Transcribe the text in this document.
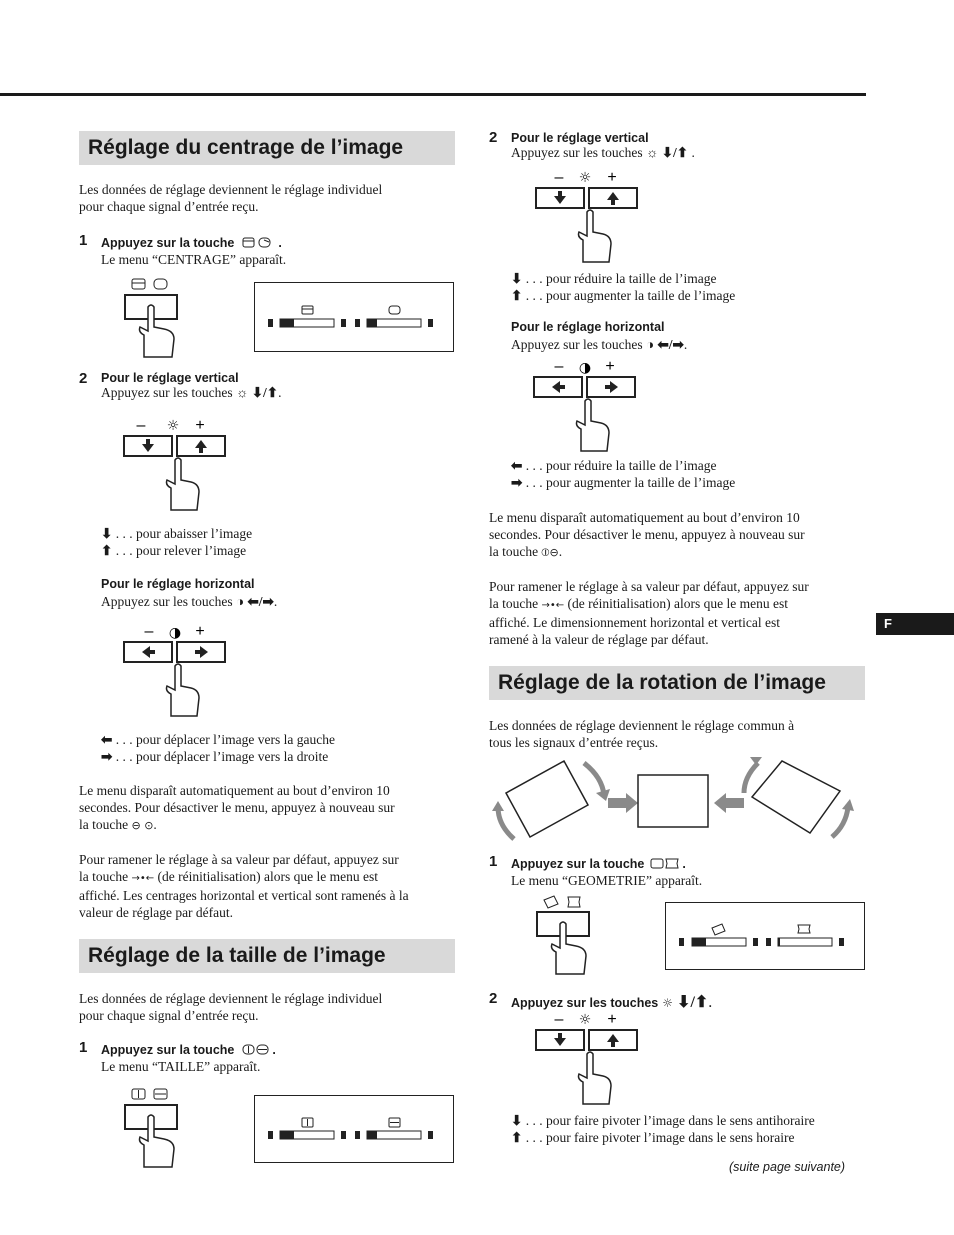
Réglage du centrage de l’image
Les données de réglage deviennent le réglage individuel
pour chaque signal d’entrée reçu.
1 Appuyez sur la touche	.
Le menu “CENTRAGE” apparaît.
2 Pour le réglage vertical
Appuyez sur les touches ☼ ⬇/⬆.
– ☼ +
⬇ . . . pour abaisser l’image
⬆ . . . pour relever l’image
Pour le réglage horizontal
Appuyez sur les touches ◑ ⬅/➡.
– ◑ +
⬅ . . . pour déplacer l’image vers la gauche
➡ . . . pour déplacer l’image vers la droite
Le menu disparaît automatiquement au bout d’environ 10
secondes. Pour désactiver le menu, appuyez à nouveau sur
la touche ⊖ ⊙.
Pour ramener le réglage à sa valeur par défaut, appuyez sur
la touche →•← (de réinitialisation) alors que le menu est
affiché. Les centrages horizontal et vertical sont ramenés à la
valeur de réglage par défaut.
Réglage de la taille de l’image
Les données de réglage deviennent le réglage individuel
pour chaque signal d’entrée reçu.
1 Appuyez sur la touche	.
Le menu “TAILLE” apparaît.
2 Pour le réglage vertical
Appuyez sur les touches ☼ ⬇/⬆ .
– ☼ +
⬇ . . . pour réduire la taille de l’image
⬆ . . . pour augmenter la taille de l’image
Pour le réglage horizontal
Appuyez sur les touches ◑ ⬅/➡.
– ◑ +
⬅ . . . pour réduire la taille de l’image
➡ . . . pour augmenter la taille de l’image
Le menu disparaît automatiquement au bout d’environ 10
secondes. Pour désactiver le menu, appuyez à nouveau sur
la touche ⦶⊖.
Pour ramener le réglage à sa valeur par défaut, appuyez sur
la touche →•← (de réinitialisation) alors que le menu est
affiché. Le dimensionnement horizontal et vertical est
ramené à la valeur de réglage par défaut.
Réglage de la rotation de l’image
Les données de réglage deviennent le réglage commun à
tous les signaux d’entrée reçus.
1 Appuyez sur la touche	.
Le menu “GEOMETRIE” apparaît.
2 Appuyez sur les touches ☼ ⬇/⬆.
– ☼ +
⬇ . . . pour faire pivoter l’image dans le sens antihoraire
⬆ . . . pour faire pivoter l’image dans le sens horaire
(suite page suivante)
F
